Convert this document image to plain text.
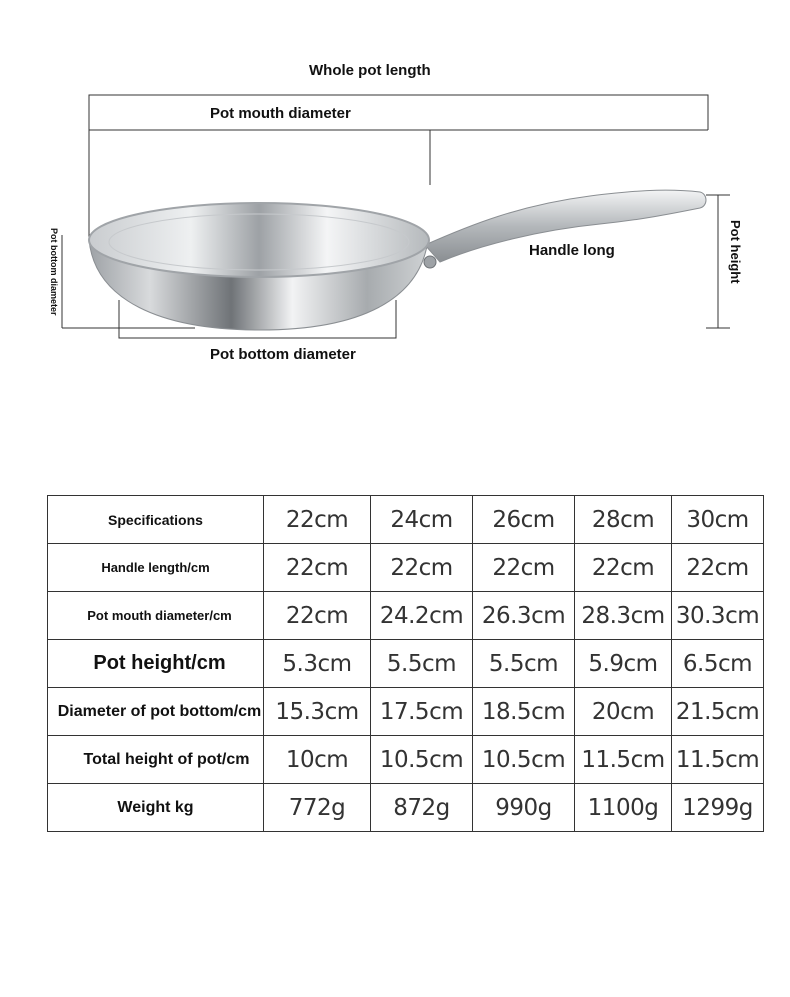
Whole pot length
Pot mouth diameter
Handle long
Pot bottom diameter
Pot height
Pot bottom diameter
Specifications	22cm	24cm	26cm	28cm	30cm
Handle length/cm	22cm	22cm	22cm	22cm	22cm
Pot mouth diameter/cm	22cm	24.2cm	26.3cm	28.3cm	30.3cm
Pot height/cm	5.3cm	5.5cm	5.5cm	5.9cm	6.5cm
Diameter of pot bottom/cm	15.3cm	17.5cm	18.5cm	20cm	21.5cm
Total height of pot/cm	10cm	10.5cm	10.5cm	11.5cm	11.5cm
Weight kg	772g	872g	990g	1100g	1299g
